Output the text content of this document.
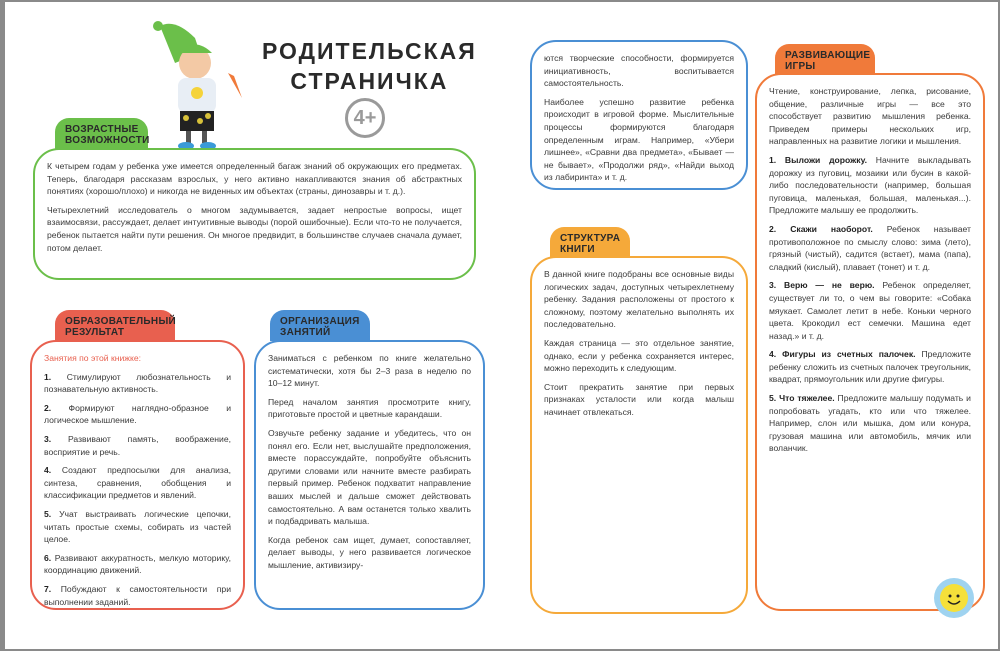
РОДИТЕЛЬСКАЯ
СТРАНИЧКА
4+
ВОЗРАСТНЫЕ ВОЗМОЖНОСТИ

К четырем годам у ребенка уже имеется определенный багаж знаний об окружающих его предметах. Теперь, благодаря рассказам взрослых, у него активно накапливаются знания об абстрактных понятиях (хорошо/плохо) и никогда не виденных им объектах (страны, динозавры и т. д.).

Четырехлетний исследователь о многом задумывается, задает непростые вопросы, ищет взаимосвязи, рассуждает, делает интуитивные выводы (порой ошибочные). Если что-то не получается, ребенок пытается найти пути решения. Он многое предвидит, в большинстве случаев сначала думает, потом делает.

ОБРАЗОВАТЕЛЬНЫЙ РЕЗУЛЬТАТ
Занятия по этой книжке:

1. Стимулируют любознательность и познавательную активность.

2. Формируют наглядно-образное и логическое мышление.

3. Развивают память, воображение, восприятие и речь.

4. Создают предпосылки для анализа, синтеза, сравнения, обобщения и классификации предметов и явлений.

5. Учат выстраивать логические цепочки, читать простые схемы, собирать из частей целое.

6. Развивают аккуратность, мелкую моторику, координацию движений.

7. Побуждают к самостоятельности при выполнении заданий.

ОРГАНИЗАЦИЯ ЗАНЯТИЙ

Заниматься с ребенком по книге желательно систематически, хотя бы 2–3 раза в неделю по 10–12 минут.

Перед началом занятия просмотрите книгу, приготовьте простой и цветные карандаши.

Озвучьте ребенку задание и убедитесь, что он понял его. Если нет, выслушайте предположения, вместе порассуждайте, попробуйте объяснить другими словами или начните вместе разбирать первый пример. Ребенок подхватит направление ваших мыслей и дальше сможет действовать самостоятельно. А вам останется только хвалить и подбадривать малыша.

Когда ребенок сам ищет, думает, сопоставляет, делает выводы, у него развивается логическое мышление, активизиру-

ются творческие способности, формируется инициативность, воспитывается самостоятельность.

Наиболее успешно развитие ребенка происходит в игровой форме. Мыслительные процессы формируются благодаря определенным играм. Например, «Убери лишнее», «Сравни два предмета», «Бывает — не бывает», «Продолжи ряд», «Найди выход из лабиринта» и т. д.

СТРУКТУРА КНИГИ

В данной книге подобраны все основные виды логических задач, доступных четырехлетнему ребенку. Задания расположены от простого к сложному, поэтому желательно выполнять их последовательно.

Каждая страница — это отдельное занятие, однако, если у ребенка сохраняется интерес, можно переходить к следующим.

Стоит прекратить занятие при первых признаках усталости или когда малыш начинает отвлекаться.

РАЗВИВАЮЩИЕ ИГРЫ

Чтение, конструирование, лепка, рисование, общение, различные игры — все это способствует развитию мышления ребенка. Приведем примеры нескольких игр, направленных на развитие логики и мышления.

1. Выложи дорожку. Начните выкладывать дорожку из пуговиц, мозаики или бусин в какой-либо последовательности (например, большая пуговица, маленькая, большая, маленькая...). Предложите малышу ее продолжить.

2. Скажи наоборот. Ребенок называет противоположное по смыслу слово: зима (лето), грязный (чистый), садится (встает), мама (папа), сладкий (кислый), плавает (тонет) и т. д.

3. Верю — не верю. Ребенок определяет, существует ли то, о чем вы говорите: «Собака мяукает. Самолет летит в небе. Коньки черного цвета. Крокодил ест семечки. Машина едет назад.» и т. д.

4. Фигуры из счетных палочек. Предложите ребенку сложить из счетных палочек треугольник, квадрат, прямоугольник или другие фигуры.

5. Что тяжелее. Предложите малышу подумать и попробовать угадать, кто или что тяжелее. Например, слон или мышка, дом или конура, грузовая машина или автомобиль, мячик или воланчик.
